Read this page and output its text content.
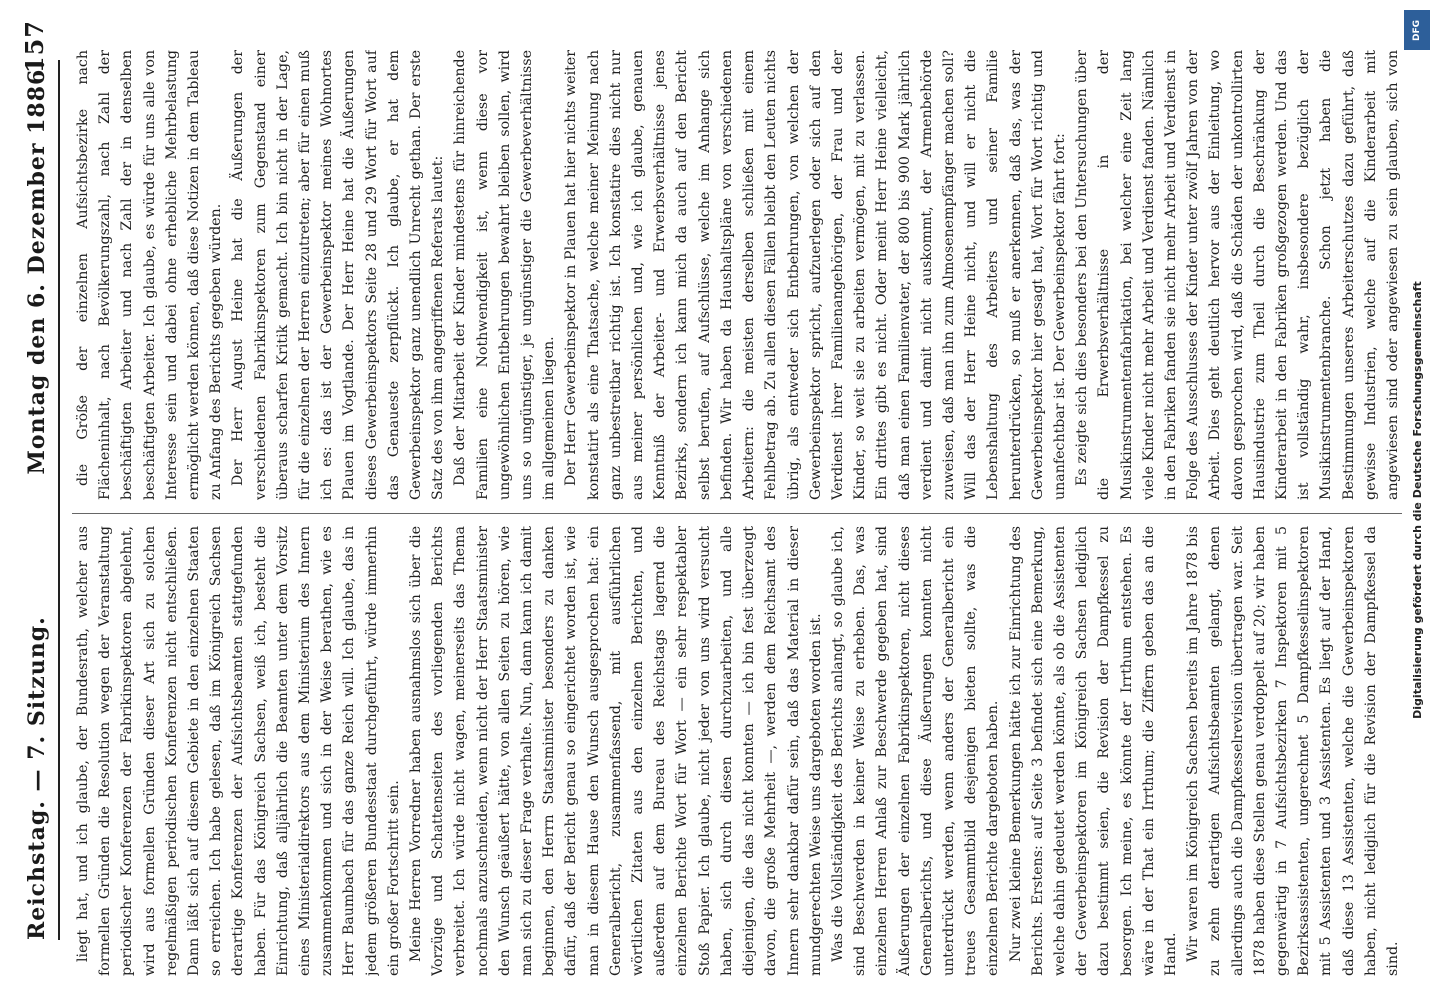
Reichstag. — 7. Sitzung.
Montag den 6. Dezember 1886.
157

liegt hat, und ich glaube, der Bundesrath, welcher aus formellen Gründen die Resolution wegen der Veranstaltung periodischer Konferenzen der Fabrikinspektoren abgelehnt, wird aus formellen Gründen dieser Art sich zu solchen regelmäßigen periodischen Konferenzen nicht entschließen. Dann läßt sich auf diesem Gebiete in den einzelnen Staaten so erreichen. Ich habe gelesen, daß im Königreich Sachsen derartige Konferenzen der Aufsichtsbeamten stattgefunden haben. Für das Königreich Sachsen, weiß ich, besteht die Einrichtung, daß alljährlich die Beamten unter dem Vorsitz eines Ministerialdirektors aus dem Ministerium des Innern zusammenkommen und sich in der Weise berathen, wie es Herr Baumbach für das ganze Reich will. Ich glaube, das in jedem größeren Bundesstaat durchgeführt, würde immerhin ein großer Fortschritt sein. Meine Herren Vorredner haben ausnahmslos sich über die Vorzüge und Schattenseiten des vorliegenden Berichts verbreitet. Ich würde nicht wagen, meinerseits das Thema nochmals anzuschneiden, wenn nicht der Herr Staatsminister den Wunsch geäußert hätte, von allen Seiten zu hören, wie man sich zu dieser Frage verhalte. Nun, dann kann ich damit beginnen, den Herrn Staatsminister besonders zu danken dafür, daß der Bericht genau so eingerichtet worden ist, wie man in diesem Hause den Wunsch ausgesprochen hat: ein Generalbericht, zusammenfassend, mit ausführlichen wörtlichen Zitaten aus den einzelnen Berichten, und außerdem auf dem Bureau des Reichstags lagernd die einzelnen Berichte Wort für Wort — ein sehr respektabler Stoß Papier. Ich glaube, nicht jeder von uns wird versucht haben, sich durch diesen durchzuarbeiten, und alle diejenigen, die das nicht konnten — ich bin fest überzeugt davon, die große Mehrheit —, werden dem Reichsamt des Innern sehr dankbar dafür sein, daß das Material in dieser mundgerechten Weise uns dargeboten worden ist. Was die Vollständigkeit des Berichts anlangt, so glaube ich, sind Beschwerden in keiner Weise zu erheben. Das, was einzelnen Herren Anlaß zur Beschwerde gegeben hat, sind Äußerungen der einzelnen Fabrikinspektoren, nicht dieses Generalberichts, und diese Äußerungen konnten nicht unterdrückt werden, wenn anders der Generalbericht ein treues Gesammtbild desjenigen bieten sollte, was die einzelnen Berichte dargeboten haben. Nur zwei kleine Bemerkungen hätte ich zur Einrichtung des Berichts. Erstens: auf Seite 3 befindet sich eine Bemerkung, welche dahin gedeutet werden könnte, als ob die Assistenten der Gewerbeinspektoren im Königreich Sachsen lediglich dazu bestimmt seien, die Revision der Dampfkessel zu besorgen. Ich meine, es könnte der Irrthum entstehen. Es wäre in der That ein Irrthum; die Ziffern geben das an die Hand. Wir waren im Königreich Sachsen bereits im Jahre 1878 bis zu zehn derartigen Aufsichtsbeamten gelangt, denen allerdings auch die Dampfkesselrevision übertragen war. Seit 1878 haben diese Stellen genau verdoppelt auf 20; wir haben gegenwärtig in 7 Aufsichtsbezirken 7 Inspektoren mit 5 Bezirksassistenten, ungerechnet 5 Dampfkesselinspektoren mit 5 Assistenten und 3 Assistenten. Es liegt auf der Hand, daß diese 13 Assistenten, welche die Gewerbeinspektoren haben, nicht lediglich für die Revision der Dampfkessel da sind.

die Größe der einzelnen Aufsichtsbezirke nach Flächeninhalt, nach Bevölkerungszahl, nach Zahl der beschäftigten Arbeiter und nach Zahl der in denselben beschäftigten Arbeiter. Ich glaube, es würde für uns alle von Interesse sein und dabei ohne erhebliche Mehrbelastung ermöglicht werden können, daß diese Notizen in dem Tableau zu Anfang des Berichts gegeben würden. Der Herr August Heine hat die Äußerungen der verschiedenen Fabrikinspektoren zum Gegenstand einer überaus scharfen Kritik gemacht. Ich bin nicht in der Lage, für die einzelnen der Herren einzutreten; aber für einen muß ich es: das ist der Gewerbeinspektor meines Wohnortes Plauen im Vogtlande. Der Herr Heine hat die Äußerungen dieses Gewerbeinspektors Seite 28 und 29 Wort für Wort auf das Genaueste zerpflückt. Ich glaube, er hat dem Gewerbeinspektor ganz unendlich Unrecht gethan. Der erste Satz des von ihm angegriffenen Referats lautet: Daß der Mitarbeit der Kinder mindestens für hinreichende Familien eine Nothwendigkeit ist, wenn diese vor ungewöhnlichen Entbehrungen bewahrt bleiben sollen, wird uns so ungünstiger, je ungünstiger die Gewerbeverhältnisse im allgemeinen liegen. Der Herr Gewerbeinspektor in Plauen hat hier nichts weiter konstatirt als eine Thatsache, welche meiner Meinung nach ganz unbestreitbar richtig ist. Ich konstatire dies nicht nur aus meiner persönlichen und, wie ich glaube, genauen Kenntniß der Arbeiter- und Erwerbsverhältnisse jenes Bezirks, sondern ich kann mich da auch auf den Bericht selbst berufen, auf Aufschlüsse, welche im Anhange sich befinden. Wir haben da Haushaltspläne von verschiedenen Arbeitern: die meisten derselben schließen mit einem Fehlbetrag ab. Zu allen diesen Fällen bleibt den Leuten nichts übrig, als entweder sich Entbehrungen, von welchen der Gewerbeinspektor spricht, aufzuerlegen oder sich auf den Verdienst ihrer Familienangehörigen, der Frau und der Kinder, so weit sie zu arbeiten vermögen, mit zu verlassen. Ein drittes gibt es nicht. Oder meint Herr Heine vielleicht, daß man einen Familienvater, der 800 bis 900 Mark jährlich verdient und damit nicht auskommt, der Armenbehörde zuweisen, daß man ihn zum Almosenempfänger machen soll? Will das der Herr Heine nicht, und will er nicht die Lebenshaltung des Arbeiters und seiner Familie herunterdrücken, so muß er anerkennen, daß das, was der Gewerbeinspektor hier gesagt hat, Wort für Wort richtig und unanfechtbar ist. Der Gewerbeinspektor fährt fort: Es zeigte sich dies besonders bei den Untersuchungen über die Erwerbsverhältnisse in der Musikinstrumentenfabrikation, bei welcher eine Zeit lang viele Kinder nicht mehr Arbeit und Verdienst fanden. Nämlich in den Fabriken fanden sie nicht mehr Arbeit und Verdienst in Folge des Ausschlusses der Kinder unter zwölf Jahren von der Arbeit. Dies geht deutlich hervor aus der Einleitung, wo davon gesprochen wird, daß die Schäden der unkontrollirten Hausindustrie zum Theil durch die Beschränkung der Kinderarbeit in den Fabriken großgezogen werden. Und das ist vollständig wahr, insbesondere bezüglich der Musikinstrumentenbranche. Schon jetzt haben die Bestimmungen unseres Arbeiterschutzes dazu geführt, daß gewisse Industrien, welche auf die Kinderarbeit mit angewiesen sind oder angewiesen zu sein glauben, sich von

Digitalisierung gefördert durch die Deutsche Forschungsgemeinschaft
DFG
